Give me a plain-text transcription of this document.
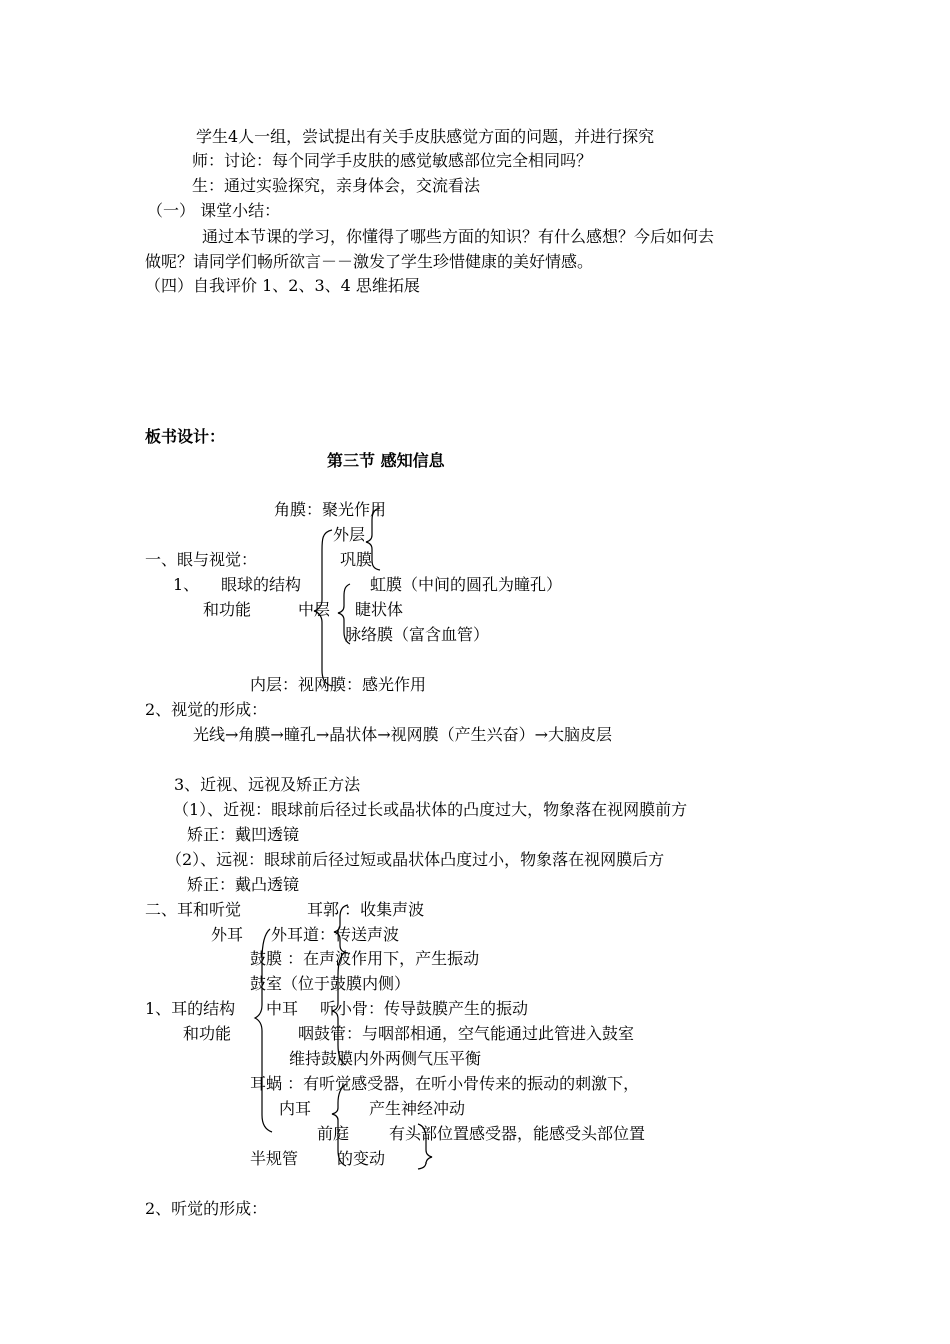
学生4人一组，尝试提出有关手皮肤感觉方面的问题，并进行探究
师：讨论：每个同学手皮肤的感觉敏感部位完全相同吗？
生：通过实验探究，亲身体会，交流看法
（一） 课堂小结：
通过本节课的学习，你懂得了哪些方面的知识？有什么感想？今后如何去
做呢？请同学们畅所欲言－－激发了学生珍惜健康的美好情感。
（四）自我评价 1、2、3、4 思维拓展
板书设计：
第三节 感知信息
角膜：聚光作用
外层
一、眼与视觉：	巩膜
1、 眼球的结构	虹膜（中间的圆孔为瞳孔）
和功能	中层 睫状体
脉络膜（富含血管）
内层：视网膜：感光作用
2、视觉的形成：
光线→角膜→瞳孔→晶状体→视网膜（产生兴奋）→大脑皮层
3、近视、远视及矫正方法
（1）、近视：眼球前后径过长或晶状体的凸度过大，物象落在视网膜前方
矫正：戴凹透镜
（2）、远视：眼球前后径过短或晶状体凸度过小，物象落在视网膜后方
矫正：戴凸透镜
二、耳和听觉	耳郭 ：收集声波
外耳 外耳道：传送声波
鼓膜 ：在声波作用下，产生振动
鼓室（位于鼓膜内侧）
1、耳的结构 中耳 听小骨：传导鼓膜产生的振动
和功能	咽鼓管：与咽部相通，空气能通过此管进入鼓室
维持鼓膜内外两侧气压平衡
耳蜗 ：有听觉感受器，在听小骨传来的振动的刺激下，
内耳	产生神经冲动
前庭 有头部位置感受器，能感受头部位置
半规管 的变动
2、听觉的形成：
